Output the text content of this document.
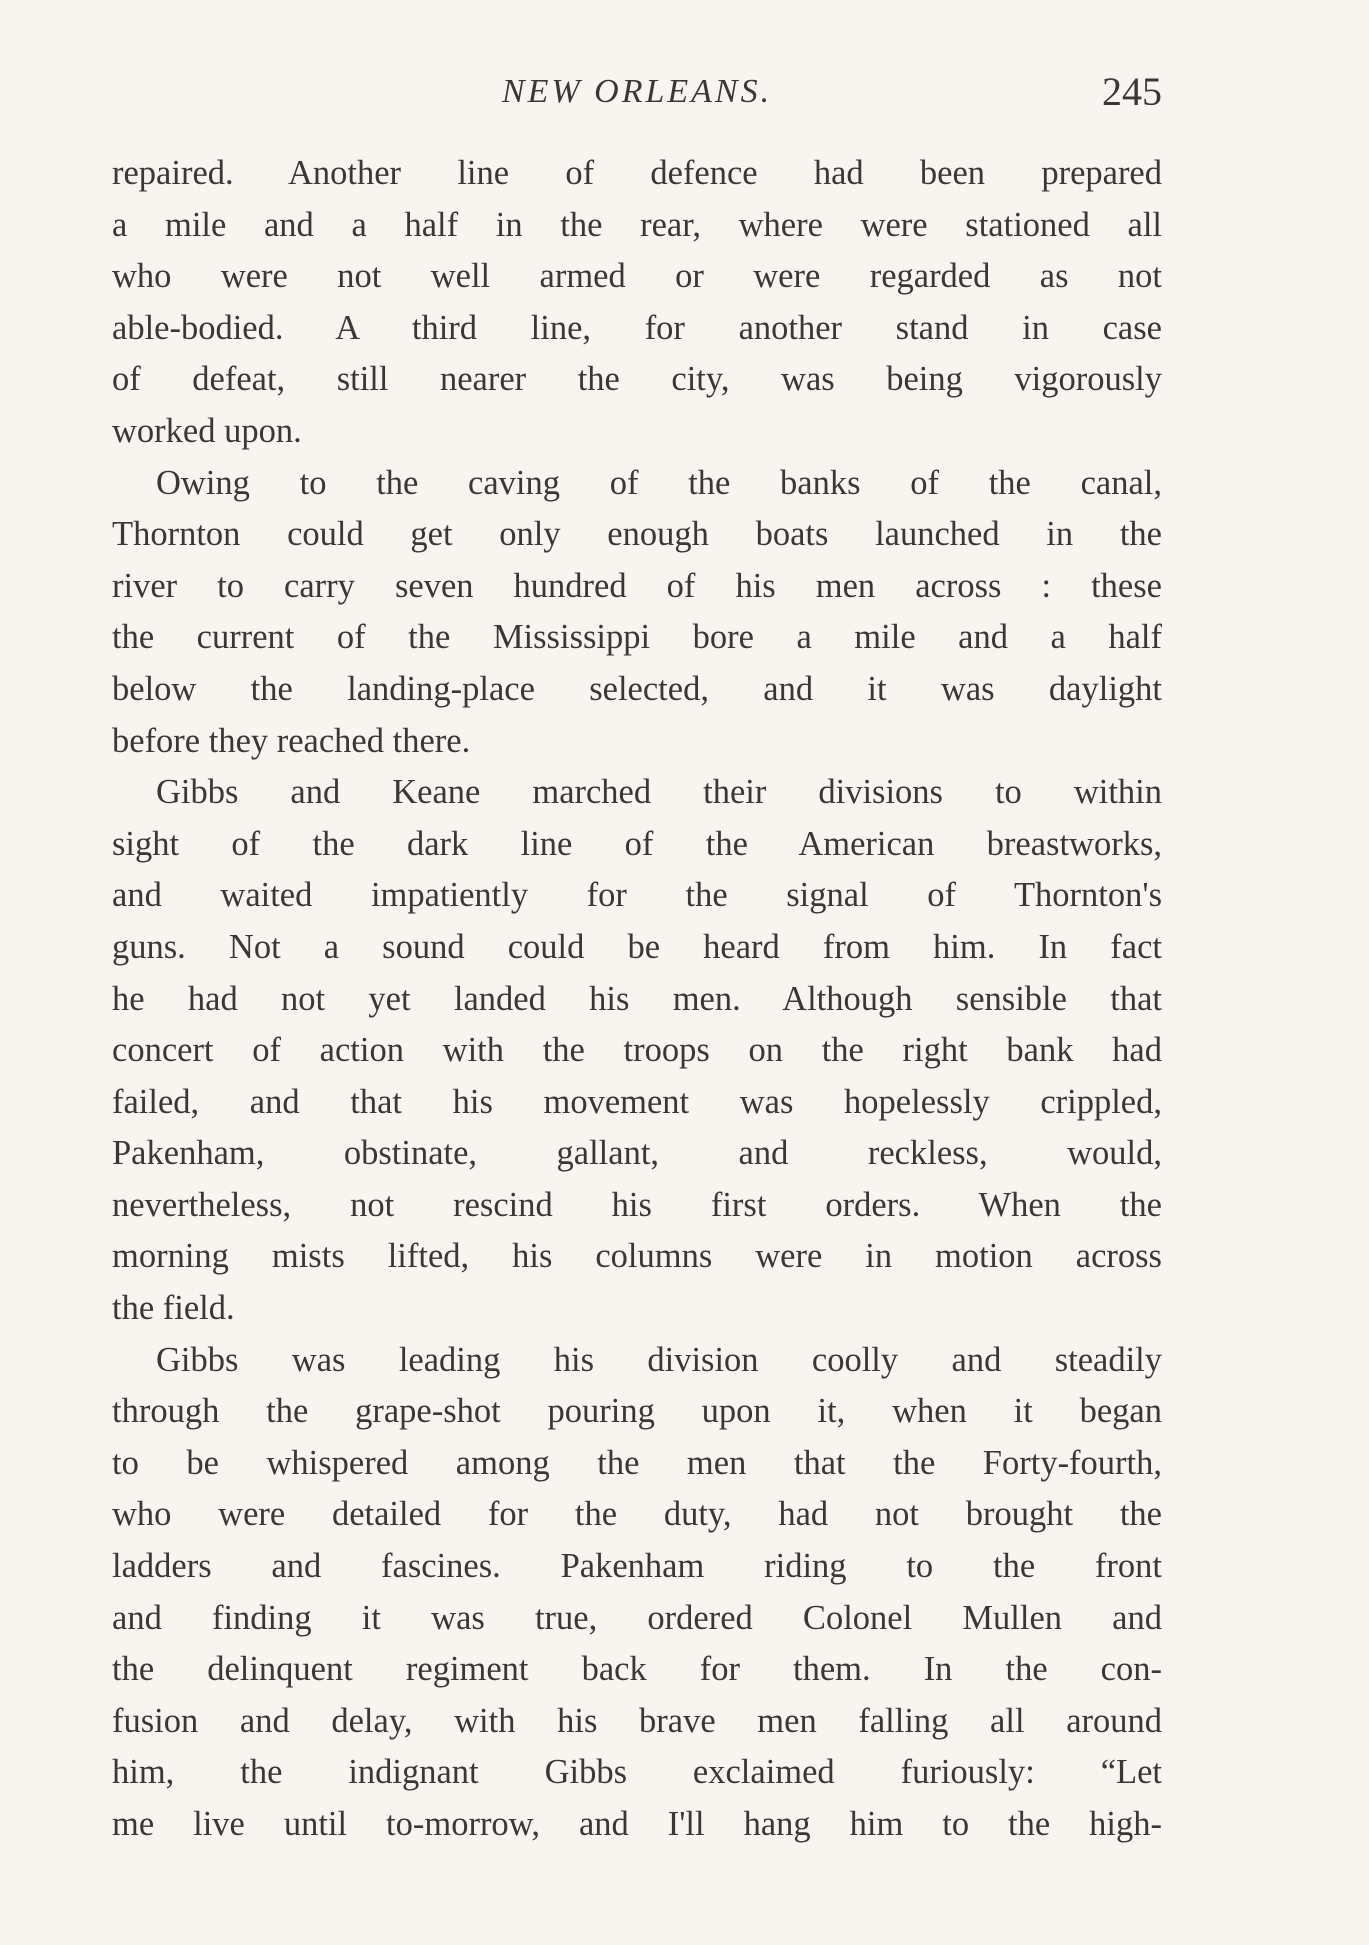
NEW ORLEANS.	245
repaired. Another line of defence had been prepared
a mile and a half in the rear, where were stationed all
who were not well armed or were regarded as not
able-bodied. A third line, for another stand in case
of defeat, still nearer the city, was being vigorously
worked upon.
Owing to the caving of the banks of the canal,
Thornton could get only enough boats launched in the
river to carry seven hundred of his men across : these
the current of the Mississippi bore a mile and a half
below the landing-place selected, and it was daylight
before they reached there.
Gibbs and Keane marched their divisions to within
sight of the dark line of the American breastworks,
and waited impatiently for the signal of Thornton's
guns. Not a sound could be heard from him. In fact
he had not yet landed his men. Although sensible that
concert of action with the troops on the right bank had
failed, and that his movement was hopelessly crippled,
Pakenham, obstinate, gallant, and reckless, would,
nevertheless, not rescind his first orders. When the
morning mists lifted, his columns were in motion across
the field.
Gibbs was leading his division coolly and steadily
through the grape-shot pouring upon it, when it began
to be whispered among the men that the Forty-fourth,
who were detailed for the duty, had not brought the
ladders and fascines. Pakenham riding to the front
and finding it was true, ordered Colonel Mullen and
the delinquent regiment back for them. In the con-
fusion and delay, with his brave men falling all around
him, the indignant Gibbs exclaimed furiously: “Let
me live until to-morrow, and I'll hang him to the high-
